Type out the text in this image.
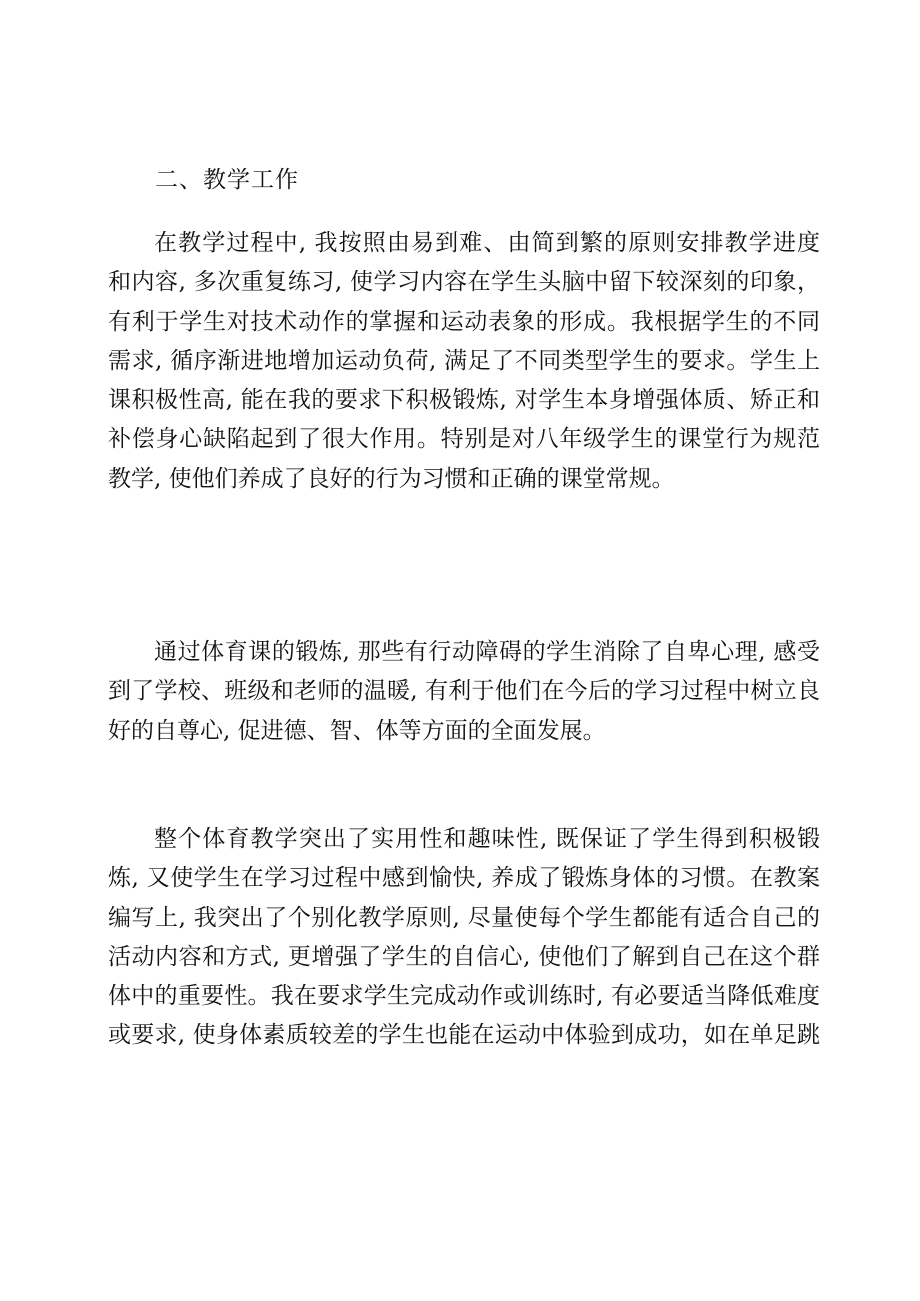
二、教学工作
在教学过程中, 我按照由易到难、由简到繁的原则安排教学进度
和内容, 多次重复练习, 使学习内容在学生头脑中留下较深刻的印象，
有利于学生对技术动作的掌握和运动表象的形成。我根据学生的不同
需求, 循序渐进地增加运动负荷, 满足了不同类型学生的要求。学生上
课积极性高, 能在我的要求下积极锻炼, 对学生本身增强体质、矫正和
补偿身心缺陷起到了很大作用。特别是对八年级学生的课堂行为规范
教学, 使他们养成了良好的行为习惯和正确的课堂常规。
通过体育课的锻炼, 那些有行动障碍的学生消除了自卑心理, 感受
到了学校、班级和老师的温暖, 有利于他们在今后的学习过程中树立良
好的自尊心, 促进德、智、体等方面的全面发展。
整个体育教学突出了实用性和趣味性, 既保证了学生得到积极锻
炼, 又使学生在学习过程中感到愉快, 养成了锻炼身体的习惯。在教案
编写上, 我突出了个别化教学原则, 尽量使每个学生都能有适合自己的
活动内容和方式, 更增强了学生的自信心, 使他们了解到自己在这个群
体中的重要性。我在要求学生完成动作或训练时, 有必要适当降低难度
或要求, 使身体素质较差的学生也能在运动中体验到成功，如在单足跳
